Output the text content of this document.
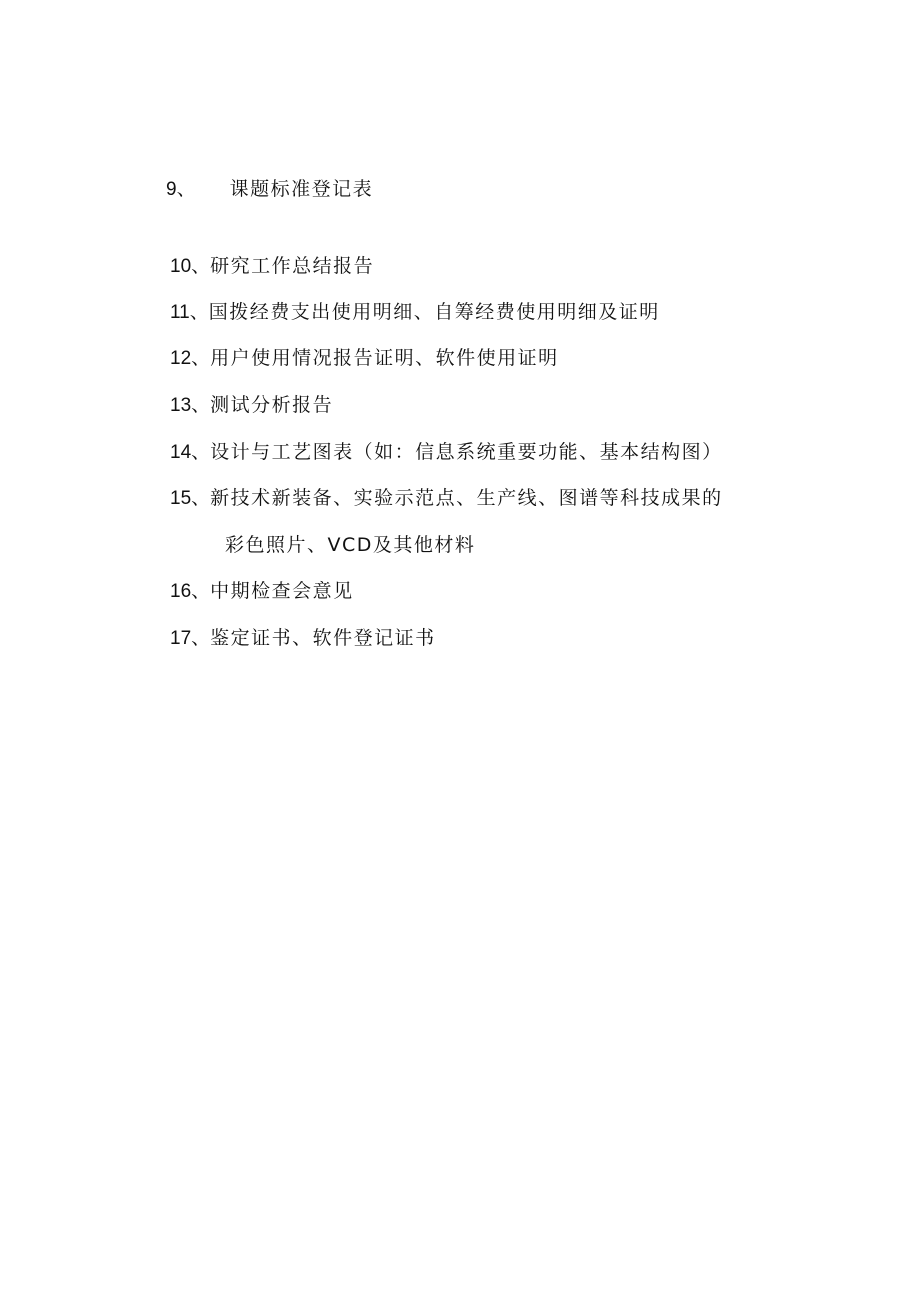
9、 课题标准登记表
10、研究工作总结报告
11、国拨经费支出使用明细、自筹经费使用明细及证明
12、用户使用情况报告证明、软件使用证明
13、测试分析报告
14、设计与工艺图表（如：信息系统重要功能、基本结构图）
15、新技术新装备、实验示范点、生产线、图谱等科技成果的
彩色照片、VCD及其他材料
16、中期检查会意见
17、鉴定证书、软件登记证书
